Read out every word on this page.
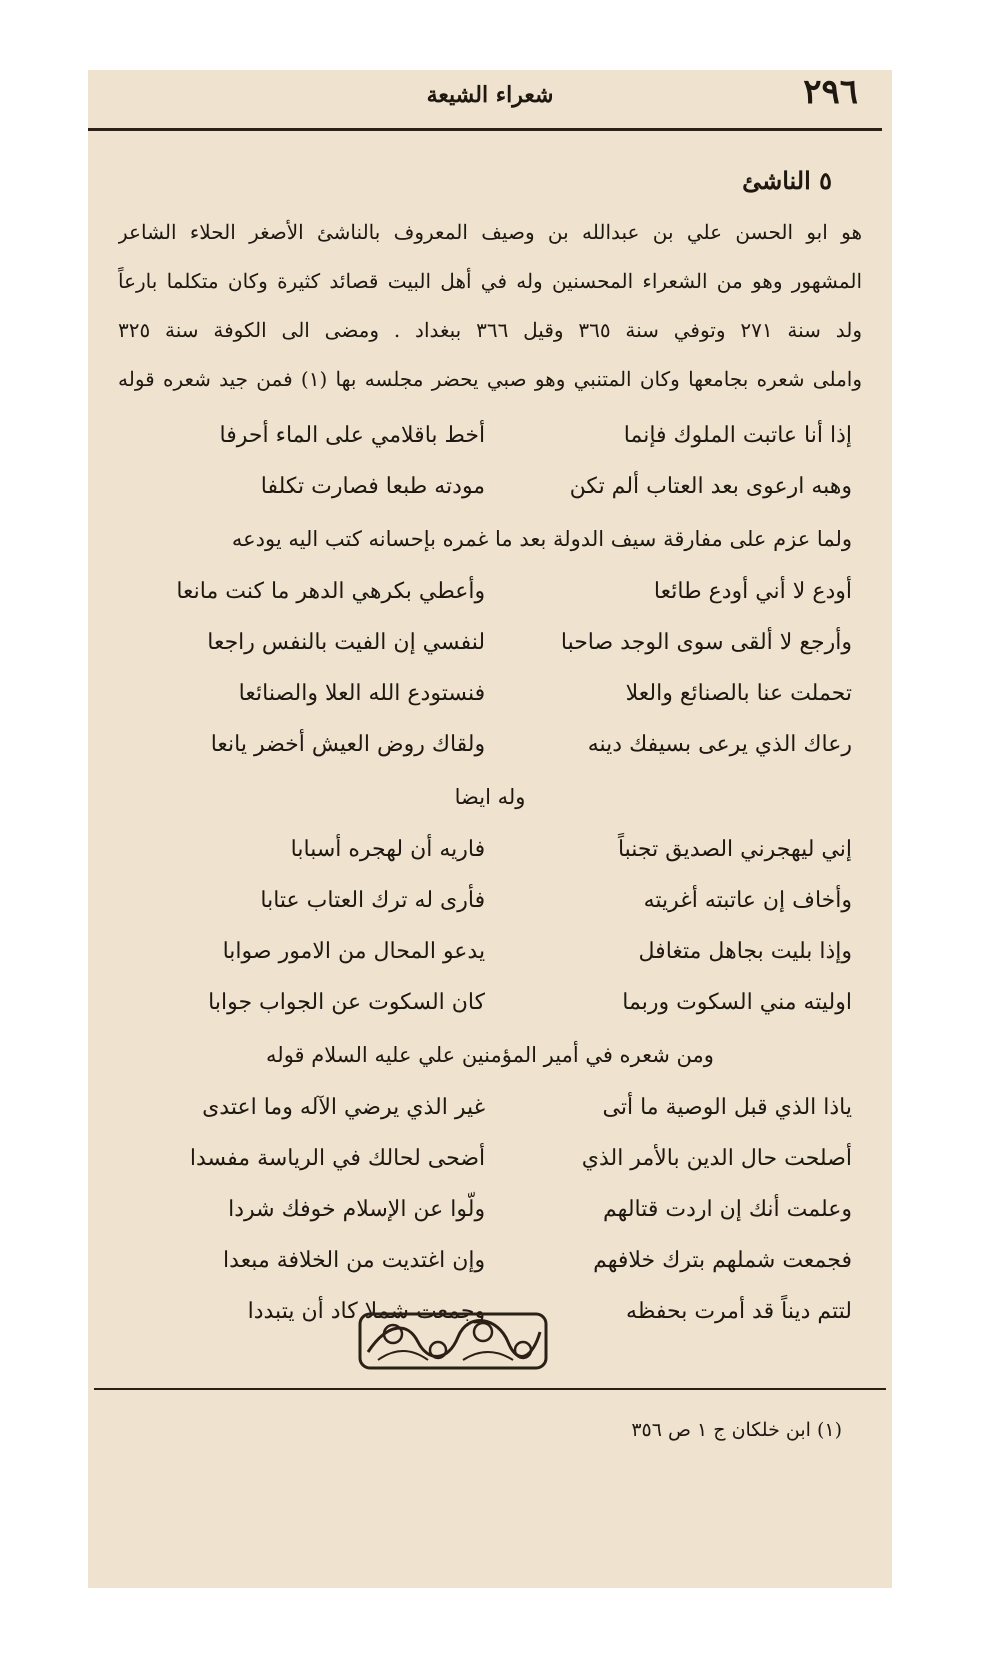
٢٩٦
شعراء الشيعة
٥ الناشئ

هو ابو الحسن علي بن عبدالله بن وصيف المعروف بالناشئ الأصغر الحلاء الشاعر

المشهور وهو من الشعراء المحسنين وله في أهل البيت قصائد كثيرة وكان متكلما بارعاً

ولد سنة ٢٧١ وتوفي سنة ٣٦٥ وقيل ٣٦٦ ببغداد . ومضى الى الكوفة سنة ٣٢٥

واملى شعره بجامعها وكان المتنبي وهو صبي يحضر مجلسه بها (١) فمن جيد شعره قوله

إذا أنا عاتبت الملوك فإنما
أخط باقلامي على الماء أحرفا
وهبه ارعوى بعد العتاب ألم تكن
مودته طبعا فصارت تكلفا
ولما عزم على مفارقة سيف الدولة بعد ما غمره بإحسانه كتب اليه يودعه
أودع لا أني أودع طائعا
وأعطي بكرهي الدهر ما كنت مانعا
وأرجع لا ألقى سوى الوجد صاحبا
لنفسي إن الفيت بالنفس راجعا
تحملت عنا بالصنائع والعلا
فنستودع الله العلا والصنائعا
رعاك الذي يرعى بسيفك دينه
ولقاك روض العيش أخضر يانعا
وله ايضا
إني ليهجرني الصديق تجنباً
فاريه أن لهجره أسبابا
وأخاف إن عاتبته أغريته
فأرى له ترك العتاب عتابا
وإذا بليت بجاهل متغافل
يدعو المحال من الامور صوابا
اوليته مني السكوت وربما
كان السكوت عن الجواب جوابا
ومن شعره في أمير المؤمنين علي عليه السلام قوله
ياذا الذي قبل الوصية ما أتى
غير الذي يرضي الآله وما اعتدى
أصلحت حال الدين بالأمر الذي
أضحى لحالك في الرياسة مفسدا
وعلمت أنك إن اردت قتالهم
ولّوا عن الإسلام خوفك شردا
فجمعت شملهم بترك خلافهم
وإن اغتديت من الخلافة مبعدا
لتتم ديناً قد أمرت بحفظه
وجمعت شملا كاد أن يتبددا
(١) ابن خلكان ج ١ ص ٣٥٦
